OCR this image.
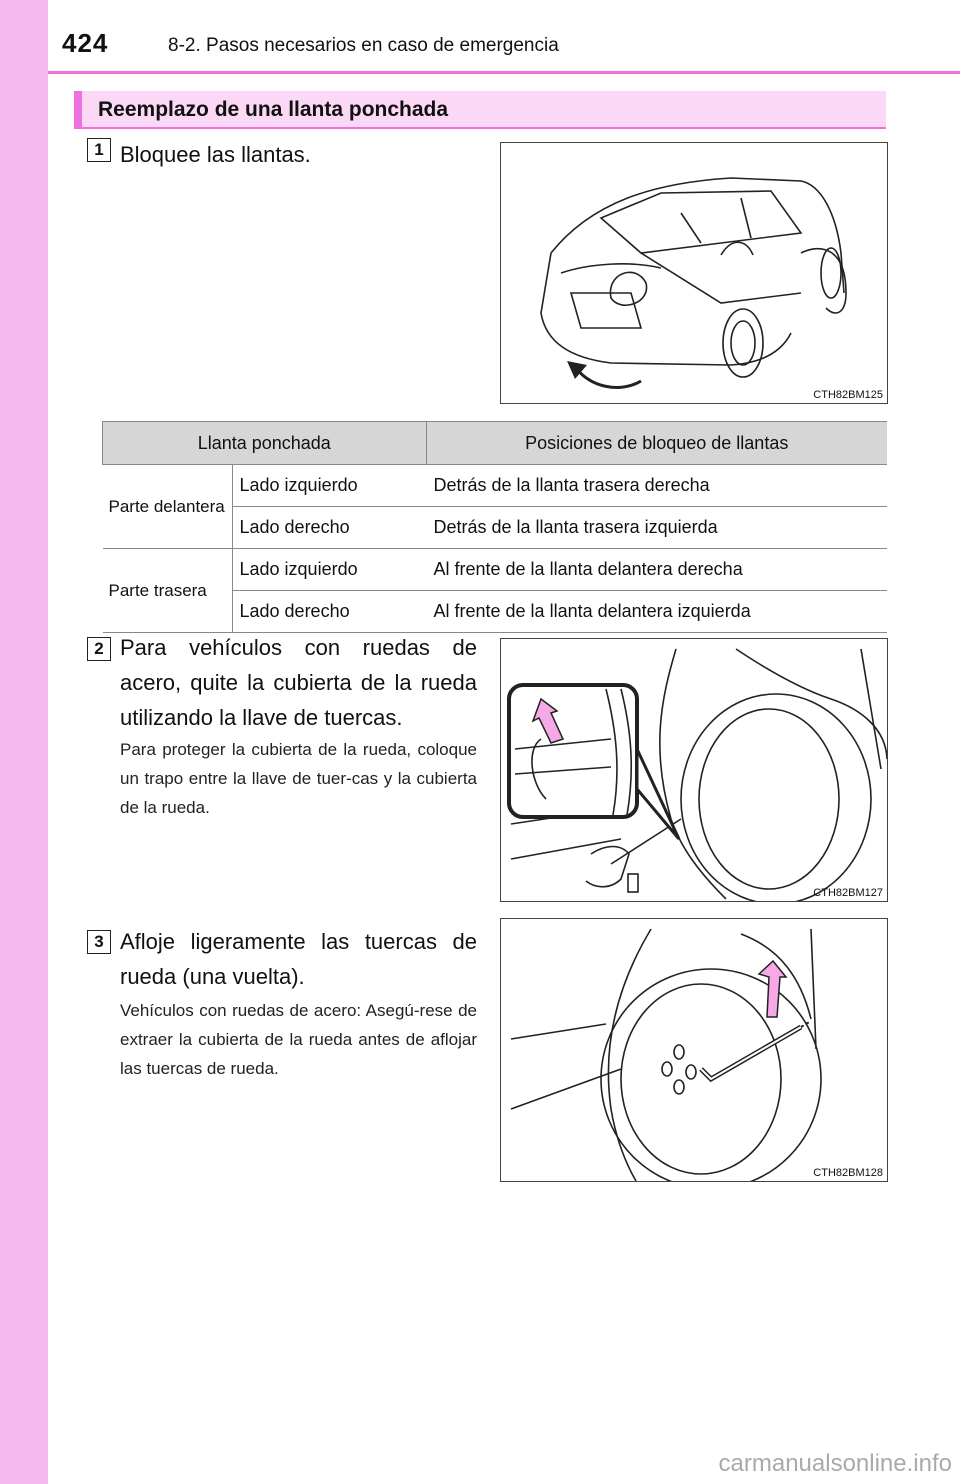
424	8-2. Pasos necesarios en caso de emergencia
Reemplazo de una llanta ponchada
1 Bloquee las llantas.
CTH82BM125
Llanta ponchada		Posiciones de bloqueo de llantas
Parte delantera	Lado izquierdo	Detrás de la llanta trasera derecha
	Lado derecho	Detrás de la llanta trasera izquierda
Parte trasera	Lado izquierdo	Al frente de la llanta delantera derecha
	Lado derecho	Al frente de la llanta delantera izquierda
2 Para vehículos con ruedas de acero, quite la cubierta de la rueda utilizando la llave de tuercas.
Para proteger la cubierta de la rueda, coloque un trapo entre la llave de tuer-cas y la cubierta de la rueda.
CTH82BM127
3 Afloje ligeramente las tuercas de rueda (una vuelta).
Vehículos con ruedas de acero: Asegú-rese de extraer la cubierta de la rueda antes de aflojar las tuercas de rueda.
CTH82BM128
carmanualsonline.info
